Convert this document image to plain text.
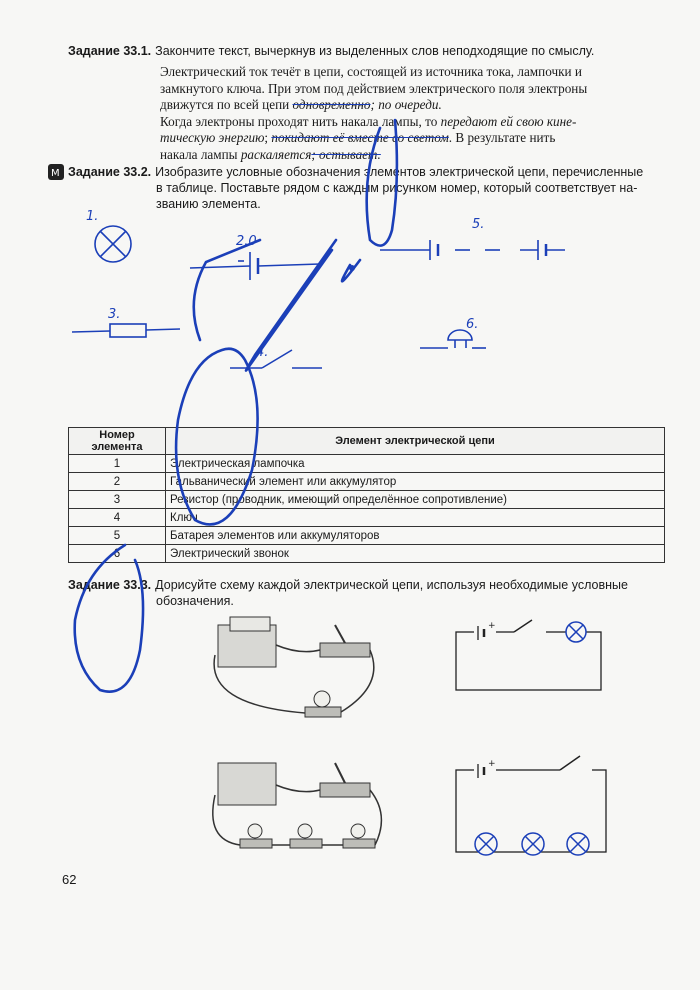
Задание 33.1. Закончите текст, вычеркнув из выделенных слов неподходящие по смыслу.
Электрический ток течёт в цепи, состоящей из источника тока, лампочки и
замкнутого ключа. При этом под действием электрического поля электроны
движутся по всей цепи одновременно; по очереди.
Когда электроны проходят нить накала лампы, то передают ей свою кине-
тическую энергию; покидают её вместе со светом. В результате нить
накала лампы раскаляется; остывает.
M Задание 33.2. Изобразите условные обозначения элементов электрической цепи, перечисленные
в таблице. Поставьте рядом с каждым рисунком номер, который соответствует на-
званию элемента.
1.
2.0
3.
4.
5.
6.
Номер
элемента	Элемент электрической цепи
1	Электрическая лампочка
2	Гальванический элемент или аккумулятор
3	Резистор (проводник, имеющий определённое сопротивление)
4	Ключ
5	Батарея элементов или аккумуляторов
6	Электрический звонок
Задание 33.3. Дорисуйте схему каждой электрической цепи, используя необходимые условные
обозначения.
+
+
62
